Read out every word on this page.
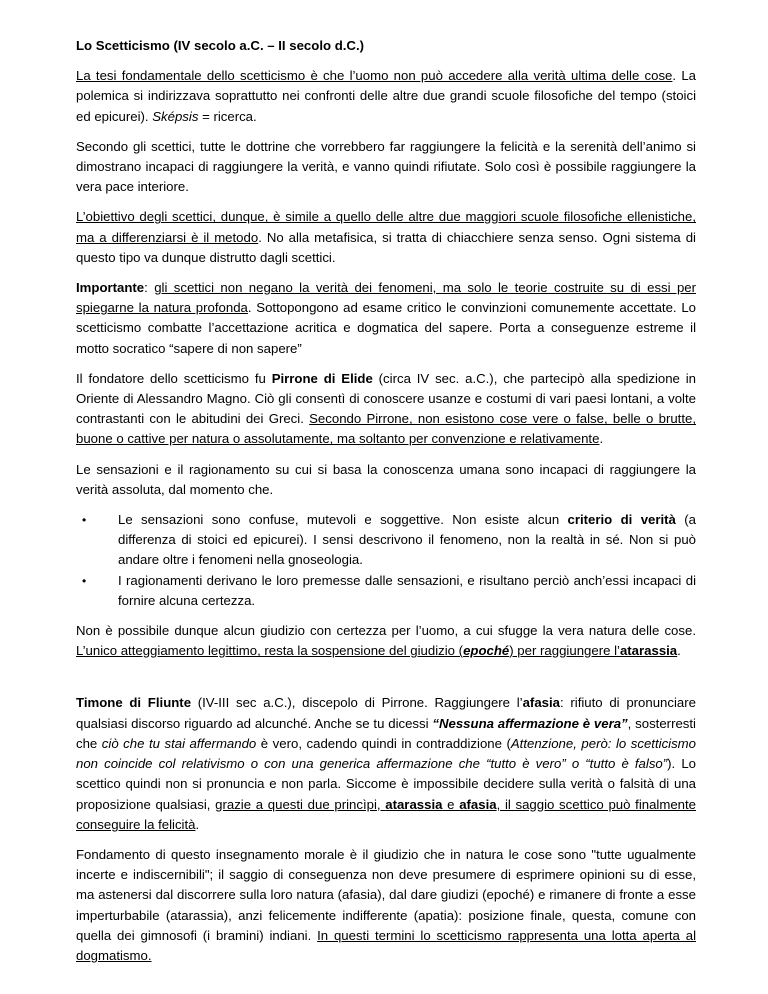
Lo Scetticismo (IV secolo a.C. – II secolo d.C.)

La tesi fondamentale dello scetticismo è che l’uomo non può accedere alla verità ultima delle cose. La polemica si indirizzava soprattutto nei confronti delle altre due grandi scuole filosofiche del tempo (stoici ed epicurei). Sképsis = ricerca.

Secondo gli scettici, tutte le dottrine che vorrebbero far raggiungere la felicità e la serenità dell’animo si dimostrano incapaci di raggiungere la verità, e vanno quindi rifiutate. Solo così è possibile raggiungere la vera pace interiore.

L’obiettivo degli scettici, dunque, è simile a quello delle altre due maggiori scuole filosofiche ellenistiche, ma a differenziarsi è il metodo. No alla metafisica, si tratta di chiacchiere senza senso. Ogni sistema di questo tipo va dunque distrutto dagli scettici.

Importante: gli scettici non negano la verità dei fenomeni, ma solo le teorie costruite su di essi per spiegarne la natura profonda. Sottopongono ad esame critico le convinzioni comunemente accettate. Lo scetticismo combatte l’accettazione acritica e dogmatica del sapere. Porta a conseguenze estreme il motto socratico “sapere di non sapere”

Il fondatore dello scetticismo fu Pirrone di Elide (circa IV sec. a.C.), che partecipò alla spedizione in Oriente di Alessandro Magno. Ciò gli consentì di conoscere usanze e costumi di vari paesi lontani, a volte contrastanti con le abitudini dei Greci. Secondo Pirrone, non esistono cose vere o false, belle o brutte, buone o cattive per natura o assolutamente, ma soltanto per convenzione e relativamente.

Le sensazioni e il ragionamento su cui si basa la conoscenza umana sono incapaci di raggiungere la verità assoluta, dal momento che.

• Le sensazioni sono confuse, mutevoli e soggettive. Non esiste alcun criterio di verità (a differenza di stoici ed epicurei). I sensi descrivono il fenomeno, non la realtà in sé. Non si può andare oltre i fenomeni nella gnoseologia.
• I ragionamenti derivano le loro premesse dalle sensazioni, e risultano perciò anch’essi incapaci di fornire alcuna certezza.

Non è possibile dunque alcun giudizio con certezza per l’uomo, a cui sfugge la vera natura delle cose. L’unico atteggiamento legittimo, resta la sospensione del giudizio (epoché) per raggiungere l’atarassia.

Timone di Fliunte (IV-III sec a.C.), discepolo di Pirrone. Raggiungere l’afasia: rifiuto di pronunciare qualsiasi discorso riguardo ad alcunché. Anche se tu dicessi “Nessuna affermazione è vera”, sosterresti che ciò che tu stai affermando è vero, cadendo quindi in contraddizione (Attenzione, però: lo scetticismo non coincide col relativismo o con una generica affermazione che “tutto è vero” o “tutto è falso”). Lo scettico quindi non si pronuncia e non parla. Siccome è impossibile decidere sulla verità o falsità di una proposizione qualsiasi, grazie a questi due princìpi, atarassia e afasia, il saggio scettico può finalmente conseguire la felicità.

Fondamento di questo insegnamento morale è il giudizio che in natura le cose sono "tutte ugualmente incerte e indiscernibili"; il saggio di conseguenza non deve presumere di esprimere opinioni su di esse, ma astenersi dal discorrere sulla loro natura (afasia), dal dare giudizi (epoché) e rimanere di fronte a esse imperturbabile (atarassia), anzi felicemente indifferente (apatia): posizione finale, questa, comune con quella dei gimnosofi (i bramini) indiani. In questi termini lo scetticismo rappresenta una lotta aperta al dogmatismo.
